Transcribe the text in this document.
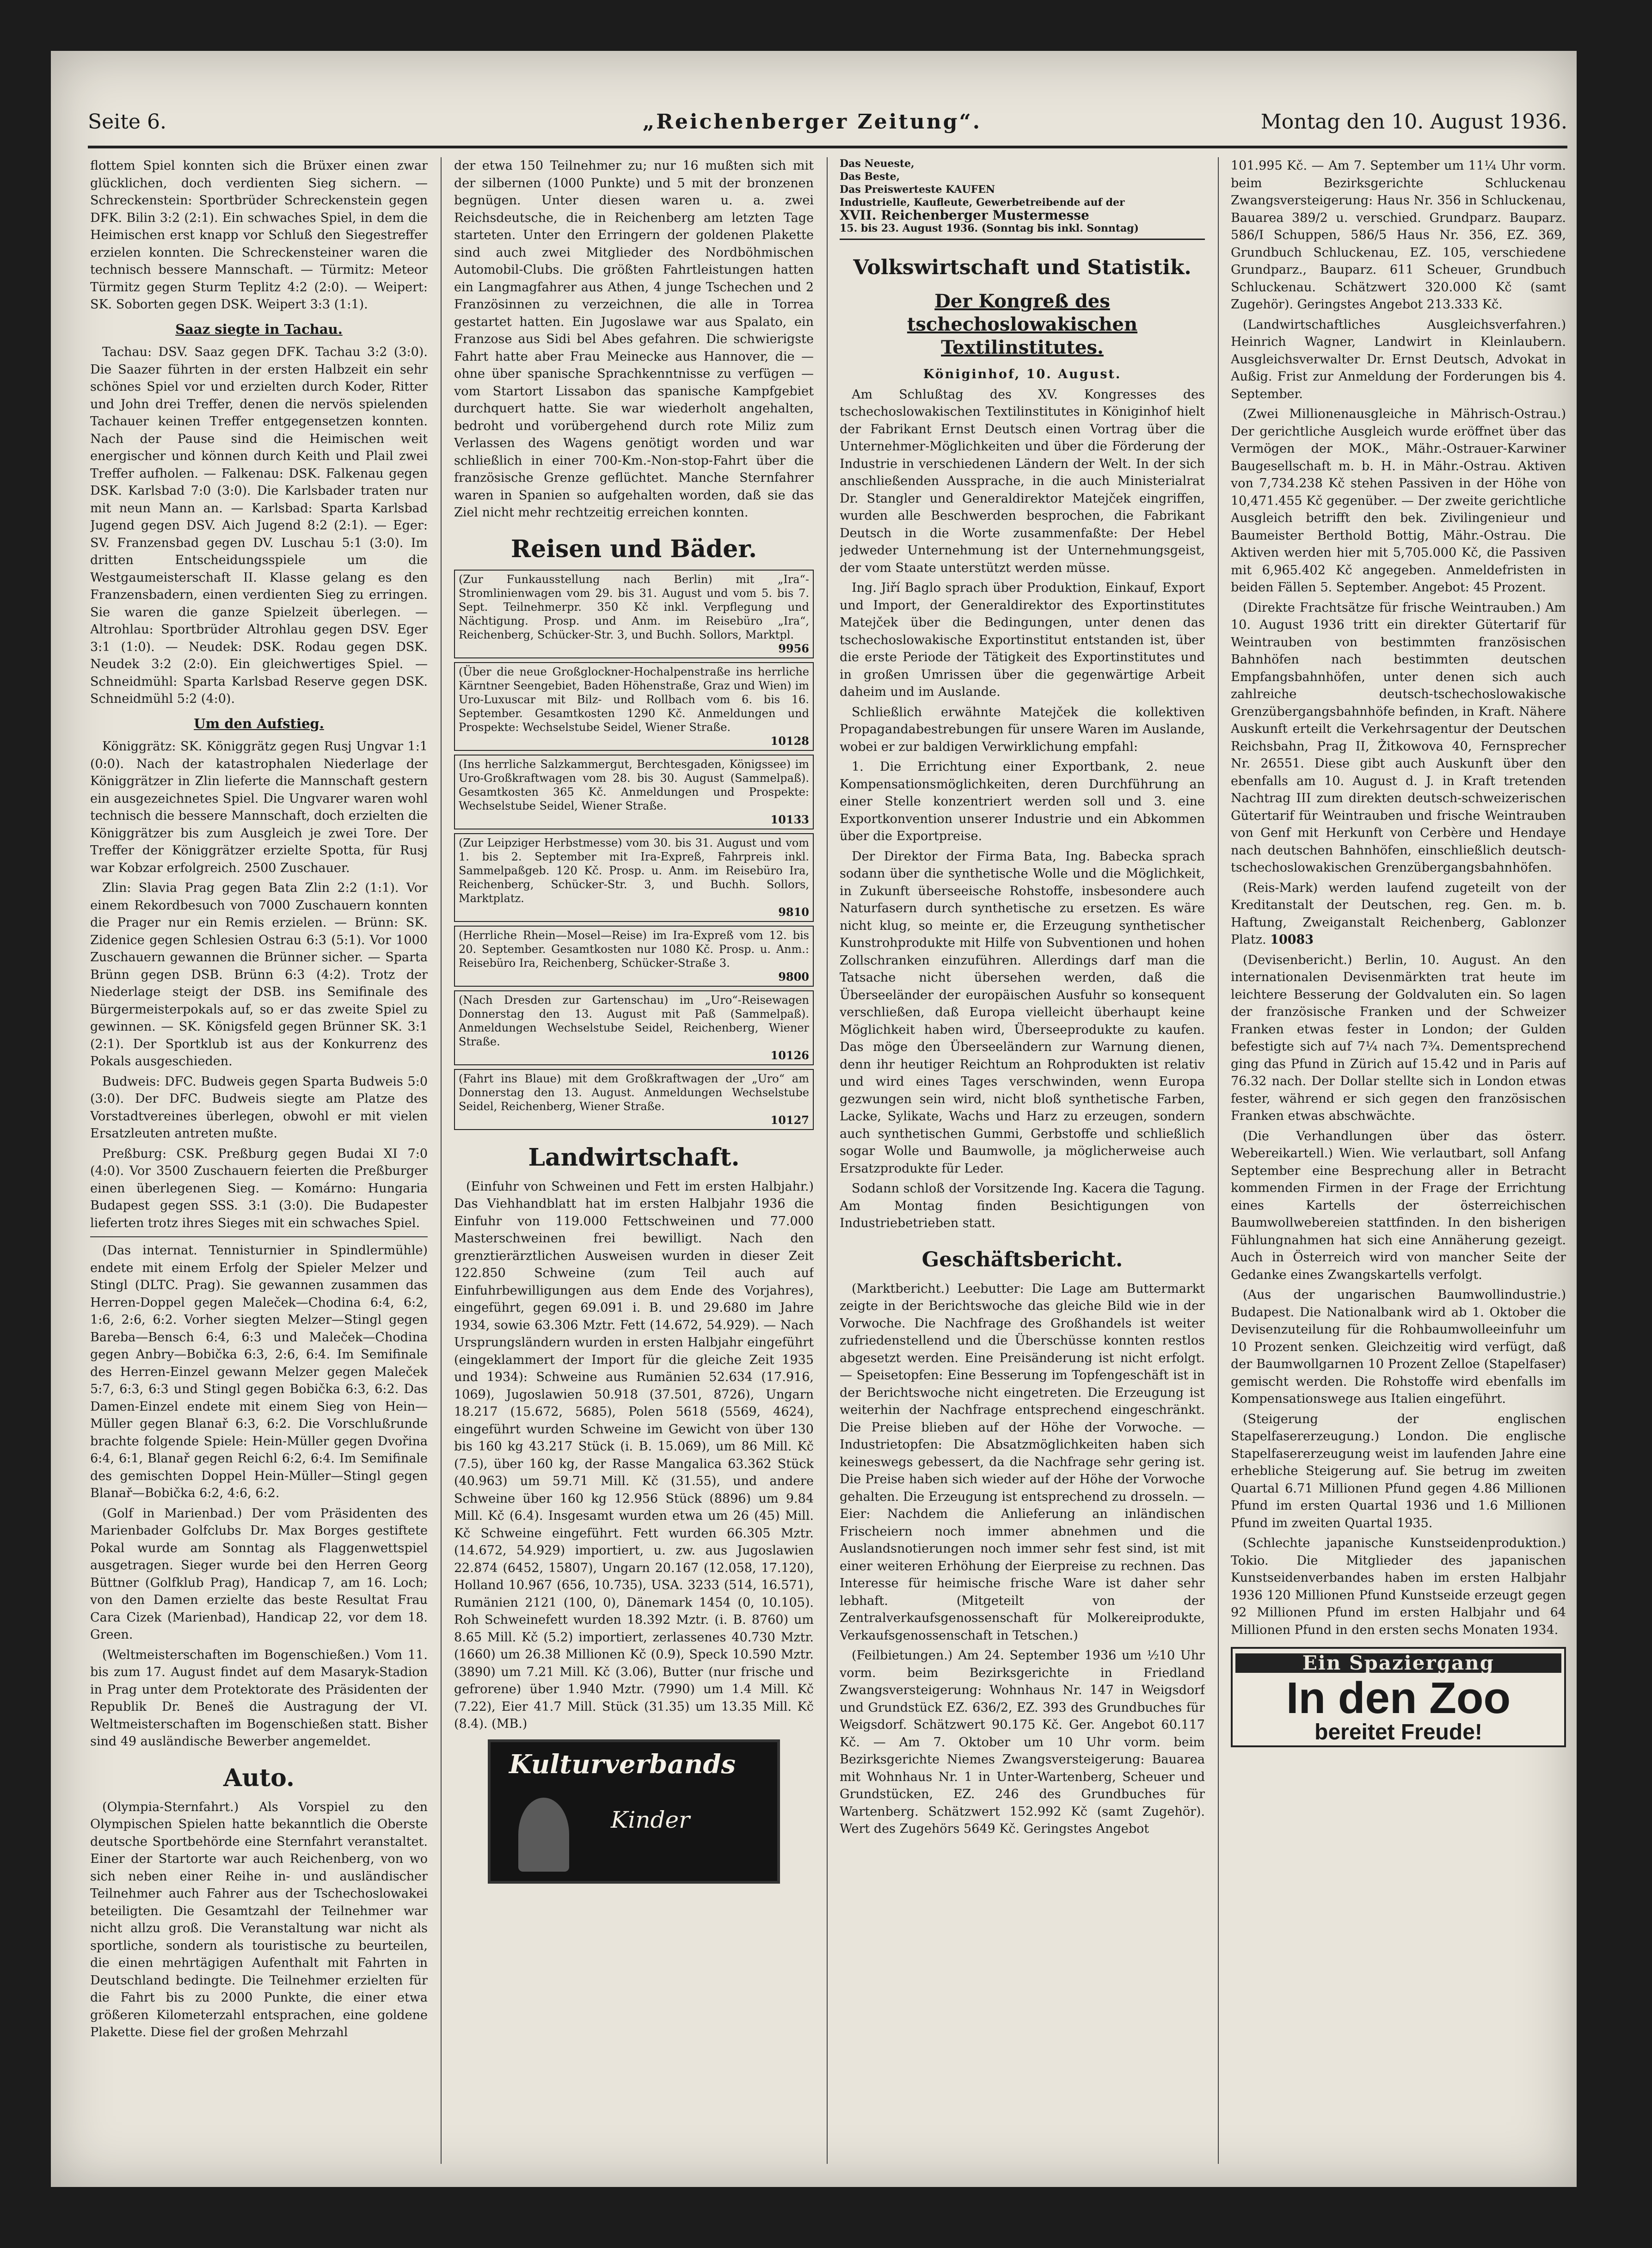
Seite 6.	„Reichenberger Zeitung“.	Montag den 10. August 1936.

flottem Spiel konnten sich die Brüxer einen zwar glücklichen, doch verdienten Sieg sichern. — Schreckenstein: Sportbrüder Schreckenstein gegen DFK. Bilin 3:2 (2:1). Ein schwaches Spiel, in dem die Heimischen erst knapp vor Schluß den Siegestreffer erzielen konnten. Die Schreckensteiner waren die technisch bessere Mannschaft. — Türmitz: Meteor Türmitz gegen Sturm Teplitz 4:2 (2:0). — Weipert: SK. Soborten gegen DSK. Weipert 3:3 (1:1).

Saaz siegte in Tachau.

Tachau: DSV. Saaz gegen DFK. Tachau 3:2 (3:0). Die Saazer führten in der ersten Halbzeit ein sehr schönes Spiel vor und erzielten durch Koder, Ritter und John drei Treffer, denen die nervös spielenden Tachauer keinen Treffer entgegensetzen konnten. Nach der Pause sind die Heimischen weit energischer und können durch Keith und Plail zwei Treffer aufholen. — Falkenau: DSK. Falkenau gegen DSK. Karlsbad 7:0 (3:0). Die Karlsbader traten nur mit neun Mann an. — Karlsbad: Sparta Karlsbad Jugend gegen DSV. Aich Jugend 8:2 (2:1). — Eger: SV. Franzensbad gegen DV. Luschau 5:1 (3:0). Im dritten Entscheidungsspiele um die Westgaumeisterschaft II. Klasse gelang es den Franzensbadern, einen verdienten Sieg zu erringen. Sie waren die ganze Spielzeit überlegen. — Altrohlau: Sportbrüder Altrohlau gegen DSV. Eger 3:1 (1:0). — Neudek: DSK. Rodau gegen DSK. Neudek 3:2 (2:0). Ein gleichwertiges Spiel. — Schneidmühl: Sparta Karlsbad Reserve gegen DSK. Schneidmühl 5:2 (4:0).

Um den Aufstieg.

Königgrätz: SK. Königgrätz gegen Rusj Ungvar 1:1 (0:0). Nach der katastrophalen Niederlage der Königgrätzer in Zlin lieferte die Mannschaft gestern ein ausgezeichnetes Spiel. Die Ungvarer waren wohl technisch die bessere Mannschaft, doch erzielten die Königgrätzer bis zum Ausgleich je zwei Tore. Der Treffer der Königgrätzer erzielte Spotta, für Rusj war Kobzar erfolgreich. 2500 Zuschauer.

Zlin: Slavia Prag gegen Bata Zlin 2:2 (1:1). Vor einem Rekordbesuch von 7000 Zuschauern konnten die Prager nur ein Remis erzielen. — Brünn: SK. Zidenice gegen Schlesien Ostrau 6:3 (5:1). Vor 1000 Zuschauern gewannen die Brünner sicher. — Sparta Brünn gegen DSB. Brünn 6:3 (4:2). Trotz der Niederlage steigt der DSB. ins Semifinale des Bürgermeisterpokals auf, so er das zweite Spiel zu gewinnen. — SK. Königsfeld gegen Brünner SK. 3:1 (2:1). Der Sportklub ist aus der Konkurrenz des Pokals ausgeschieden.

Budweis: DFC. Budweis gegen Sparta Budweis 5:0 (3:0). Der DFC. Budweis siegte am Platze des Vorstadtvereines überlegen, obwohl er mit vielen Ersatzleuten antreten mußte.

Preßburg: CSK. Preßburg gegen Budai XI 7:0 (4:0). Vor 3500 Zuschauern feierten die Preßburger einen überlegenen Sieg. — Komárno: Hungaria Budapest gegen SSS. 3:1 (3:0). Die Budapester lieferten trotz ihres Sieges mit ein schwaches Spiel.

(Das internat. Tennisturnier in Spindlermühle) endete mit einem Erfolg der Spieler Melzer und Stingl (DLTC. Prag). Sie gewannen zusammen das Herren-Doppel gegen Maleček—Chodina 6:4, 6:2, 1:6, 2:6, 6:2. Vorher siegten Melzer—Stingl gegen Bareba—Bensch 6:4, 6:3 und Maleček—Chodina gegen Anbry—Bobička 6:3, 2:6, 6:4. Im Semifinale des Herren-Einzel gewann Melzer gegen Maleček 5:7, 6:3, 6:3 und Stingl gegen Bobička 6:3, 6:2. Das Damen-Einzel endete mit einem Sieg von Hein—Müller gegen Blanař 6:3, 6:2. Die Vorschlußrunde brachte folgende Spiele: Hein-Müller gegen Dvořina 6:4, 6:1, Blanař gegen Reichl 6:2, 6:4. Im Semifinale des gemischten Doppel Hein-Müller—Stingl gegen Blanař—Bobička 6:2, 4:6, 6:2.

(Golf in Marienbad.) Der vom Präsidenten des Marienbader Golfclubs Dr. Max Borges gestiftete Pokal wurde am Sonntag als Flaggenwettspiel ausgetragen. Sieger wurde bei den Herren Georg Büttner (Golfklub Prag), Handicap 7, am 16. Loch; von den Damen erzielte das beste Resultat Frau Cara Cizek (Marienbad), Handicap 22, vor dem 18. Green.

(Weltmeisterschaften im Bogenschießen.) Vom 11. bis zum 17. August findet auf dem Masaryk-Stadion in Prag unter dem Protektorate des Präsidenten der Republik Dr. Beneš die Austragung der VI. Weltmeisterschaften im Bogenschießen statt. Bisher sind 49 ausländische Bewerber angemeldet.

Auto.

(Olympia-Sternfahrt.) Als Vorspiel zu den Olympischen Spielen hatte bekanntlich die Oberste deutsche Sportbehörde eine Sternfahrt veranstaltet. Einer der Startorte war auch Reichenberg, von wo sich neben einer Reihe in- und ausländischer Teilnehmer auch Fahrer aus der Tschechoslowakei beteiligten. Die Gesamtzahl der Teilnehmer war nicht allzu groß. Die Veranstaltung war nicht als sportliche, sondern als touristische zu beurteilen, die einen mehrtägigen Aufenthalt mit Fahrten in Deutschland bedingte. Die Teilnehmer erzielten für die Fahrt bis zu 2000 Punkte, die einer etwa größeren Kilometerzahl entsprachen, eine goldene Plakette. Diese fiel der großen Mehrzahl

der etwa 150 Teilnehmer zu; nur 16 mußten sich mit der silbernen (1000 Punkte) und 5 mit der bronzenen begnügen. Unter diesen waren u. a. zwei Reichsdeutsche, die in Reichenberg am letzten Tage starteten. Unter den Erringern der goldenen Plakette sind auch zwei Mitglieder des Nordböhmischen Automobil-Clubs. Die größten Fahrtleistungen hatten ein Langmagfahrer aus Athen, 4 junge Tschechen und 2 Französinnen zu verzeichnen, die alle in Torrea gestartet hatten. Ein Jugoslawe war aus Spalato, ein Franzose aus Sidi bel Abes gefahren. Die schwierigste Fahrt hatte aber Frau Meinecke aus Hannover, die — ohne über spanische Sprachkenntnisse zu verfügen — vom Startort Lissabon das spanische Kampfgebiet durchquert hatte. Sie war wiederholt angehalten, bedroht und vorübergehend durch rote Miliz zum Verlassen des Wagens genötigt worden und war schließlich in einer 700-Km.-Non-stop-Fahrt über die französische Grenze geflüchtet. Manche Sternfahrer waren in Spanien so aufgehalten worden, daß sie das Ziel nicht mehr rechtzeitig erreichen konnten.

Reisen und Bäder.
(Zur Funkausstellung nach Berlin) mit „Ira“-Stromlinienwagen vom 29. bis 31. August und vom 5. bis 7. Sept. Teilnehmerpr. 350 Kč inkl. Verpflegung und Nächtigung. Prosp. und Anm. im Reisebüro „Ira“, Reichenberg, Schücker-Str. 3, und Buchh. Sollors, Marktpl.
9956
(Über die neue Großglockner-Hochalpenstraße ins herrliche Kärntner Seengebiet, Baden Höhenstraße, Graz und Wien) im Uro-Luxuscar mit Bilz- und Rollbach vom 6. bis 16. September. Gesamtkosten 1290 Kč. Anmeldungen und Prospekte: Wechselstube Seidel, Wiener Straße.
10128
(Ins herrliche Salzkammergut, Berchtesgaden, Königssee) im Uro-Großkraftwagen vom 28. bis 30. August (Sammelpaß). Gesamtkosten 365 Kč. Anmeldungen und Prospekte: Wechselstube Seidel, Wiener Straße.
10133
(Zur Leipziger Herbstmesse) vom 30. bis 31. August und vom 1. bis 2. September mit Ira-Expreß, Fahrpreis inkl. Sammelpaßgeb. 120 Kč. Prosp. u. Anm. im Reisebüro Ira, Reichenberg, Schücker-Str. 3, und Buchh. Sollors, Marktplatz.
9810
(Herrliche Rhein—Mosel—Reise) im Ira-Expreß vom 12. bis 20. September. Gesamtkosten nur 1080 Kč. Prosp. u. Anm.: Reisebüro Ira, Reichenberg, Schücker-Straße 3.
9800
(Nach Dresden zur Gartenschau) im „Uro“-Reisewagen Donnerstag den 13. August mit Paß (Sammelpaß). Anmeldungen Wechselstube Seidel, Reichenberg, Wiener Straße.
10126
(Fahrt ins Blaue) mit dem Großkraftwagen der „Uro“ am Donnerstag den 13. August. Anmeldungen Wechselstube Seidel, Reichenberg, Wiener Straße.
10127
Landwirtschaft.

(Einfuhr von Schweinen und Fett im ersten Halbjahr.) Das Viehhandblatt hat im ersten Halbjahr 1936 die Einfuhr von 119.000 Fettschweinen und 77.000 Masterschweinen frei bewilligt. Nach den grenztierärztlichen Ausweisen wurden in dieser Zeit 122.850 Schweine (zum Teil auch auf Einfuhrbewilligungen aus dem Ende des Vorjahres), eingeführt, gegen 69.091 i. B. und 29.680 im Jahre 1934, sowie 63.306 Mztr. Fett (14.672, 54.929). — Nach Ursprungsländern wurden in ersten Halbjahr eingeführt (eingeklammert der Import für die gleiche Zeit 1935 und 1934): Schweine aus Rumänien 52.634 (17.916, 1069), Jugoslawien 50.918 (37.501, 8726), Ungarn 18.217 (15.672, 5685), Polen 5618 (5569, 4624), eingeführt wurden Schweine im Gewicht von über 130 bis 160 kg 43.217 Stück (i. B. 15.069), um 86 Mill. Kč (7.5), über 160 kg, der Rasse Mangalica 63.362 Stück (40.963) um 59.71 Mill. Kč (31.55), und andere Schweine über 160 kg 12.956 Stück (8896) um 9.84 Mill. Kč (6.4). Insgesamt wurden etwa um 26 (45) Mill. Kč Schweine eingeführt. Fett wurden 66.305 Mztr. (14.672, 54.929) importiert, u. zw. aus Jugoslawien 22.874 (6452, 15807), Ungarn 20.167 (12.058, 17.120), Holland 10.967 (656, 10.735), USA. 3233 (514, 16.571), Rumänien 2121 (100, 0), Dänemark 1454 (0, 10.105). Roh Schweinefett wurden 18.392 Mztr. (i. B. 8760) um 8.65 Mill. Kč (5.2) importiert, zerlassenes 40.730 Mztr. (1660) um 26.38 Millionen Kč (0.9), Speck 10.590 Mztr. (3890) um 7.21 Mill. Kč (3.06), Butter (nur frische und gefrorene) über 1.940 Mztr. (7990) um 1.4 Mill. Kč (7.22), Eier 41.7 Mill. Stück (31.35) um 13.35 Mill. Kč (8.4). (MB.)

Kulturverbands
Kinder
Das Neueste,
Das Beste,
Das Preiswerteste KAUFEN
Industrielle, Kaufleute, Gewerbetreibende auf der
XVII. Reichenberger Mustermesse
15. bis 23. August 1936. (Sonntag bis inkl. Sonntag)
Volkswirtschaft und Statistik.
Der Kongreß des tschechoslowakischen Textilinstitutes.

Königinhof, 10. August.

Am Schlußtag des XV. Kongresses des tschechoslowakischen Textilinstitutes in Königinhof hielt der Fabrikant Ernst Deutsch einen Vortrag über die Unternehmer-Möglichkeiten und über die Förderung der Industrie in verschiedenen Ländern der Welt. In der sich anschließenden Aussprache, in die auch Ministerialrat Dr. Stangler und Generaldirektor Matejček eingriffen, wurden alle Beschwerden besprochen, die Fabrikant Deutsch in die Worte zusammenfaßte: Der Hebel jedweder Unternehmung ist der Unternehmungsgeist, der vom Staate unterstützt werden müsse.

Ing. Jiří Baglo sprach über Produktion, Einkauf, Export und Import, der Generaldirektor des Exportinstitutes Matejček über die Bedingungen, unter denen das tschechoslowakische Exportinstitut entstanden ist, über die erste Periode der Tätigkeit des Exportinstitutes und in großen Umrissen über die gegenwärtige Arbeit daheim und im Auslande.

Schließlich erwähnte Matejček die kollektiven Propagandabestrebungen für unsere Waren im Auslande, wobei er zur baldigen Verwirklichung empfahl:

1. Die Errichtung einer Exportbank, 2. neue Kompensationsmöglichkeiten, deren Durchführung an einer Stelle konzentriert werden soll und 3. eine Exportkonvention unserer Industrie und ein Abkommen über die Exportpreise.

Der Direktor der Firma Bata, Ing. Babecka sprach sodann über die synthetische Wolle und die Möglichkeit, in Zukunft überseeische Rohstoffe, insbesondere auch Naturfasern durch synthetische zu ersetzen. Es wäre nicht klug, so meinte er, die Erzeugung synthetischer Kunstrohprodukte mit Hilfe von Subventionen und hohen Zollschranken einzuführen. Allerdings darf man die Tatsache nicht übersehen werden, daß die Überseeländer der europäischen Ausfuhr so konsequent verschließen, daß Europa vielleicht überhaupt keine Möglichkeit haben wird, Überseeprodukte zu kaufen. Das möge den Überseeländern zur Warnung dienen, denn ihr heutiger Reichtum an Rohprodukten ist relativ und wird eines Tages verschwinden, wenn Europa gezwungen sein wird, nicht bloß synthetische Farben, Lacke, Sylikate, Wachs und Harz zu erzeugen, sondern auch synthetischen Gummi, Gerbstoffe und schließlich sogar Wolle und Baumwolle, ja möglicherweise auch Ersatzprodukte für Leder.

Sodann schloß der Vorsitzende Ing. Kacera die Tagung. Am Montag finden Besichtigungen von Industriebetrieben statt.

Geschäftsbericht.

(Marktbericht.) Leebutter: Die Lage am Buttermarkt zeigte in der Berichtswoche das gleiche Bild wie in der Vorwoche. Die Nachfrage des Großhandels ist weiter zufriedenstellend und die Überschüsse konnten restlos abgesetzt werden. Eine Preisänderung ist nicht erfolgt. — Speisetopfen: Eine Besserung im Topfengeschäft ist in der Berichtswoche nicht eingetreten. Die Erzeugung ist weiterhin der Nachfrage entsprechend eingeschränkt. Die Preise blieben auf der Höhe der Vorwoche. — Industrietopfen: Die Absatzmöglichkeiten haben sich keineswegs gebessert, da die Nachfrage sehr gering ist. Die Preise haben sich wieder auf der Höhe der Vorwoche gehalten. Die Erzeugung ist entsprechend zu drosseln. — Eier: Nachdem die Anlieferung an inländischen Frischeiern noch immer abnehmen und die Auslandsnotierungen noch immer sehr fest sind, ist mit einer weiteren Erhöhung der Eierpreise zu rechnen. Das Interesse für heimische frische Ware ist daher sehr lebhaft. (Mitgeteilt von der Zentralverkaufsgenossenschaft für Molkereiprodukte, Verkaufsgenossenschaft in Tetschen.)

(Feilbietungen.) Am 24. September 1936 um ½10 Uhr vorm. beim Bezirksgerichte in Friedland Zwangsversteigerung: Wohnhaus Nr. 147 in Weigsdorf und Grundstück EZ. 636/2, EZ. 393 des Grundbuches für Weigsdorf. Schätzwert 90.175 Kč. Ger. Angebot 60.117 Kč. — Am 7. Oktober um 10 Uhr vorm. beim Bezirksgerichte Niemes Zwangsversteigerung: Bauarea mit Wohnhaus Nr. 1 in Unter-Wartenberg, Scheuer und Grundstücken, EZ. 246 des Grundbuches für Wartenberg. Schätzwert 152.992 Kč (samt Zugehör). Wert des Zugehörs 5649 Kč. Geringstes Angebot

101.995 Kč. — Am 7. September um 11¼ Uhr vorm. beim Bezirksgerichte Schluckenau Zwangsversteigerung: Haus Nr. 356 in Schluckenau, Bauarea 389/2 u. verschied. Grundparz. Bauparz. 586/I Schuppen, 586/5 Haus Nr. 356, EZ. 369, Grundbuch Schluckenau, EZ. 105, verschiedene Grundparz., Bauparz. 611 Scheuer, Grundbuch Schluckenau. Schätzwert 320.000 Kč (samt Zugehör). Geringstes Angebot 213.333 Kč.

(Landwirtschaftliches Ausgleichsverfahren.) Heinrich Wagner, Landwirt in Kleinlaubern. Ausgleichsverwalter Dr. Ernst Deutsch, Advokat in Außig. Frist zur Anmeldung der Forderungen bis 4. September.

(Zwei Millionenausgleiche in Mährisch-Ostrau.) Der gerichtliche Ausgleich wurde eröffnet über das Vermögen der MOK., Mähr.-Ostrauer-Karwiner Baugesellschaft m. b. H. in Mähr.-Ostrau. Aktiven von 7,734.238 Kč stehen Passiven in der Höhe von 10,471.455 Kč gegenüber. — Der zweite gerichtliche Ausgleich betrifft den bek. Zivilingenieur und Baumeister Berthold Bottig, Mähr.-Ostrau. Die Aktiven werden hier mit 5,705.000 Kč, die Passiven mit 6,965.402 Kč angegeben. Anmeldefristen in beiden Fällen 5. September. Angebot: 45 Prozent.

(Direkte Frachtsätze für frische Weintrauben.) Am 10. August 1936 tritt ein direkter Gütertarif für Weintrauben von bestimmten französischen Bahnhöfen nach bestimmten deutschen Empfangsbahnhöfen, unter denen sich auch zahlreiche deutsch-tschechoslowakische Grenzübergangsbahnhöfe befinden, in Kraft. Nähere Auskunft erteilt die Verkehrsagentur der Deutschen Reichsbahn, Prag II, Žitkowova 40, Fernsprecher Nr. 26551. Diese gibt auch Auskunft über den ebenfalls am 10. August d. J. in Kraft tretenden Nachtrag III zum direkten deutsch-schweizerischen Gütertarif für Weintrauben und frische Weintrauben von Genf mit Herkunft von Cerbère und Hendaye nach deutschen Bahnhöfen, einschließlich deutsch-tschechoslowakischen Grenzübergangsbahnhöfen.

(Reis-Mark) werden laufend zugeteilt von der Kreditanstalt der Deutschen, reg. Gen. m. b. Haftung, Zweiganstalt Reichenberg, Gablonzer Platz. 10083

(Devisenbericht.) Berlin, 10. August. An den internationalen Devisenmärkten trat heute im leichtere Besserung der Goldvaluten ein. So lagen der französische Franken und der Schweizer Franken etwas fester in London; der Gulden befestigte sich auf 7¼ nach 7¾. Dementsprechend ging das Pfund in Zürich auf 15.42 und in Paris auf 76.32 nach. Der Dollar stellte sich in London etwas fester, während er sich gegen den französischen Franken etwas abschwächte.

(Die Verhandlungen über das österr. Webereikartell.) Wien. Wie verlautbart, soll Anfang September eine Besprechung aller in Betracht kommenden Firmen in der Frage der Errichtung eines Kartells der österreichischen Baumwollwebereien stattfinden. In den bisherigen Fühlungnahmen hat sich eine Annäherung gezeigt. Auch in Österreich wird von mancher Seite der Gedanke eines Zwangskartells verfolgt.

(Aus der ungarischen Baumwollindustrie.) Budapest. Die Nationalbank wird ab 1. Oktober die Devisenzuteilung für die Rohbaumwolleeinfuhr um 10 Prozent senken. Gleichzeitig wird verfügt, daß der Baumwollgarnen 10 Prozent Zelloe (Stapelfaser) gemischt werden. Die Rohstoffe wird ebenfalls im Kompensationswege aus Italien eingeführt.

(Steigerung der englischen Stapelfasererzeugung.) London. Die englische Stapelfasererzeugung weist im laufenden Jahre eine erhebliche Steigerung auf. Sie betrug im zweiten Quartal 6.71 Millionen Pfund gegen 4.86 Millionen Pfund im ersten Quartal 1936 und 1.6 Millionen Pfund im zweiten Quartal 1935.

(Schlechte japanische Kunstseidenproduktion.) Tokio. Die Mitglieder des japanischen Kunstseidenverbandes haben im ersten Halbjahr 1936 120 Millionen Pfund Kunstseide erzeugt gegen 92 Millionen Pfund im ersten Halbjahr und 64 Millionen Pfund in den ersten sechs Monaten 1934.

Ein Spaziergang
In den Zoo
bereitet Freude!
